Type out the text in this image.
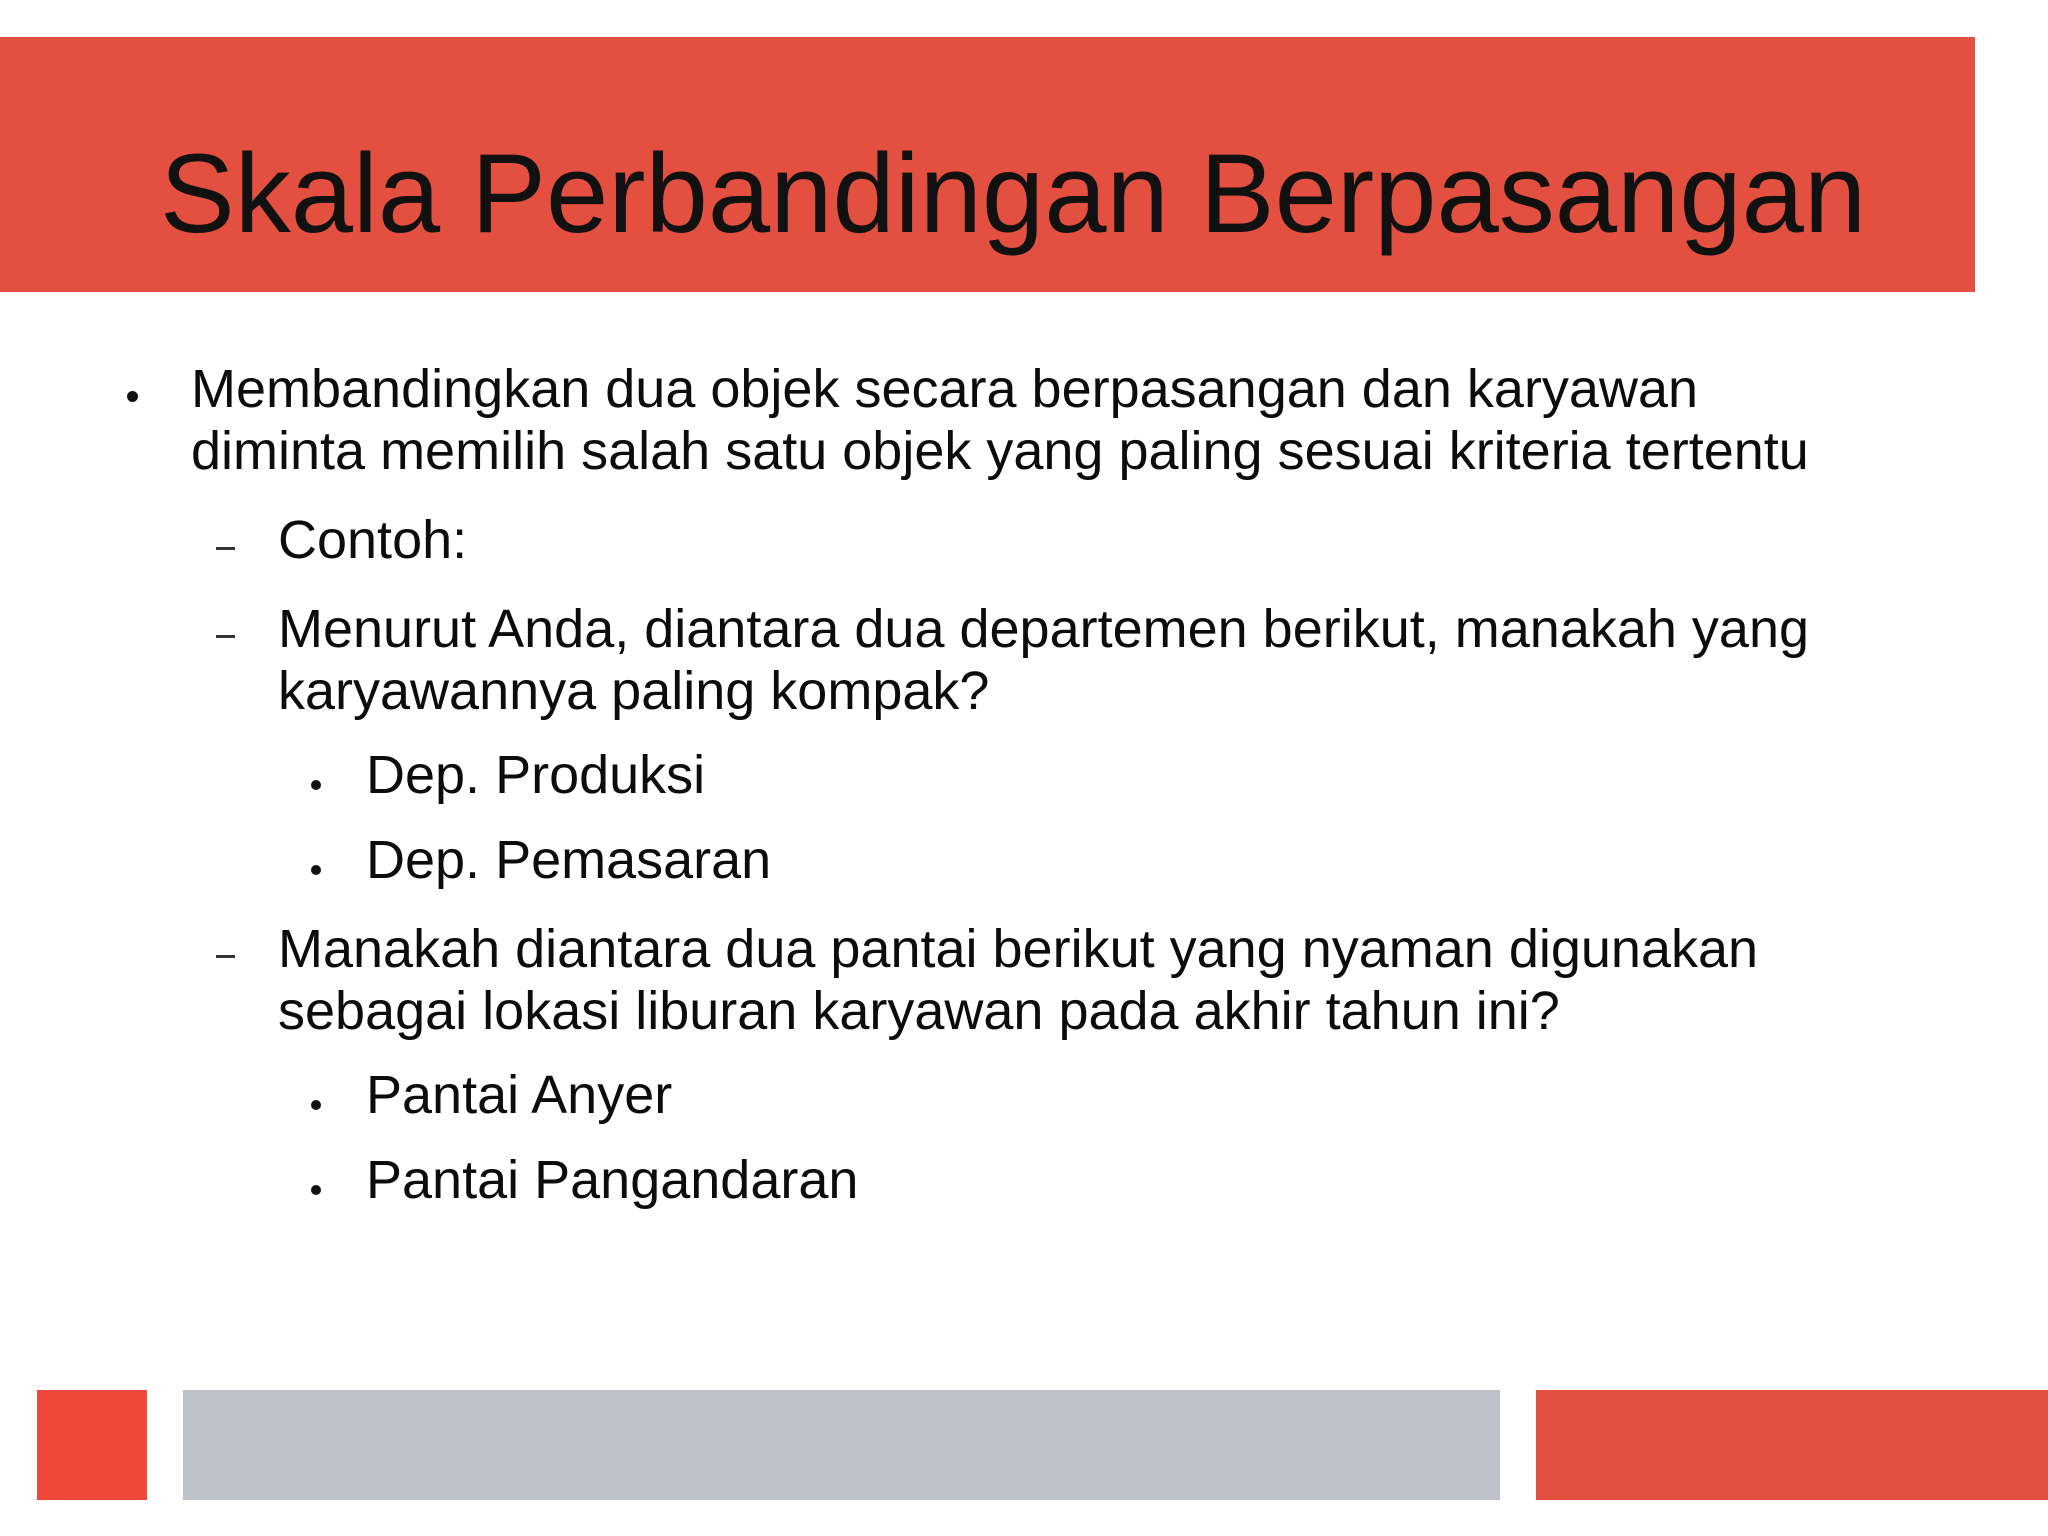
Skala Perbandingan Berpasangan
Membandingkan dua objek secara berpasangan dan karyawan
diminta memilih salah satu objek yang paling sesuai kriteria tertentu
Contoh:
Menurut Anda, diantara dua departemen berikut, manakah yang
karyawannya paling kompak?
Dep. Produksi
Dep. Pemasaran
Manakah diantara dua pantai berikut yang nyaman digunakan
sebagai lokasi liburan karyawan pada akhir tahun ini?
Pantai Anyer
Pantai Pangandaran
